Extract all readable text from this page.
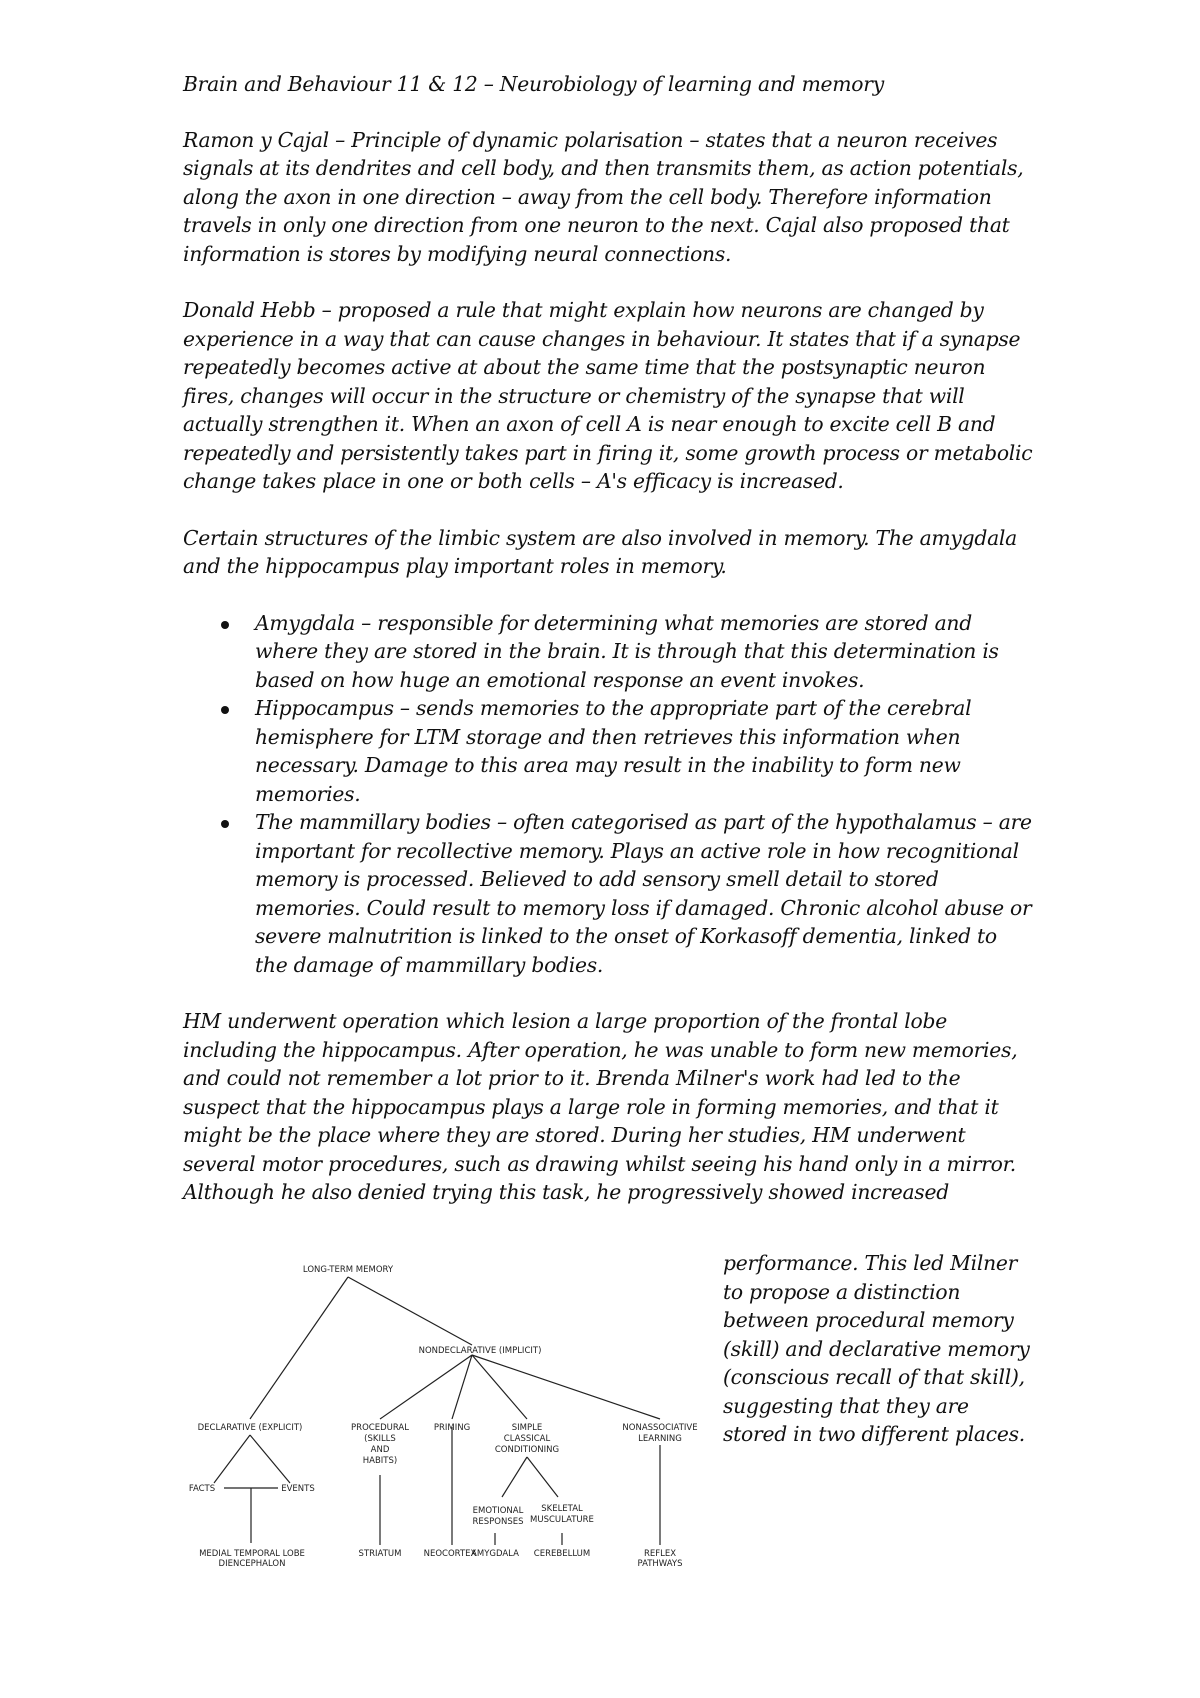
Brain and Behaviour 11 & 12 – Neurobiology of learning and memory

Ramon y Cajal – Principle of dynamic polarisation – states that a neuron receives signals at its dendrites and cell body, and then transmits them, as action potentials, along the axon in one direction – away from the cell body. Therefore information travels in only one direction from one neuron to the next. Cajal also proposed that information is stores by modifying neural connections.

Donald Hebb – proposed a rule that might explain how neurons are changed by experience in a way that can cause changes in behaviour. It states that if a synapse repeatedly becomes active at about the same time that the postsynaptic neuron fires, changes will occur in the structure or chemistry of the synapse that will actually strengthen it. When an axon of cell A is near enough to excite cell B and repeatedly and persistently takes part in firing it, some growth process or metabolic change takes place in one or both cells – A's efficacy is increased.

Certain structures of the limbic system are also involved in memory. The amygdala and the hippocampus play important roles in memory.

Amygdala – responsible for determining what memories are stored and where they are stored in the brain. It is through that this determination is based on how huge an emotional response an event invokes.
Hippocampus – sends memories to the appropriate part of the cerebral hemisphere for LTM storage and then retrieves this information when necessary. Damage to this area may result in the inability to form new memories.
The mammillary bodies – often categorised as part of the hypothalamus – are important for recollective memory. Plays an active role in how recognitional memory is processed. Believed to add sensory smell detail to stored memories. Could result to memory loss if damaged. Chronic alcohol abuse or severe malnutrition is linked to the onset of Korkasoff dementia, linked to the damage of mammillary bodies.

HM underwent operation which lesion a large proportion of the frontal lobe including the hippocampus. After operation, he was unable to form new memories, and could not remember a lot prior to it. Brenda Milner's work had led to the suspect that the hippocampus plays a large role in forming memories, and that it might be the place where they are stored. During her studies, HM underwent several motor procedures, such as drawing whilst seeing his hand only in a mirror. Although he also denied trying this task, he progressively showed increased

performance. This led Milner to propose a distinction between procedural memory (skill) and declarative memory (conscious recall of that skill), suggesting that they are stored in two different places.

LONG-TERM MEMORY
NONDECLARATIVE (IMPLICIT)
DECLARATIVE (EXPLICIT)
FACTS	EVENTS
MEDIAL TEMPORAL LOBE
DIENCEPHALON
PROCEDURAL
(SKILLS
AND
HABITS)
PRIMING	SIMPLE
CLASSICAL
CONDITIONING
NONASSOCIATIVE
LEARNING
EMOTIONAL
RESPONSES
SKELETAL
MUSCULATURE
STRIATUM	NEOCORTEX
AMYGDALA CEREBELLUM	REFLEX
PATHWAYS
